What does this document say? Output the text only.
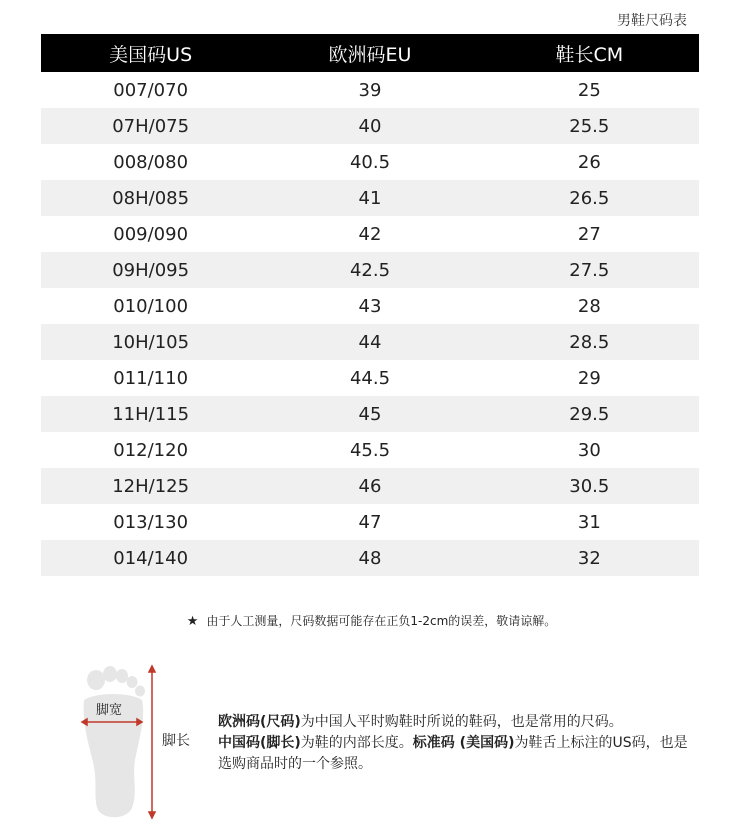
男鞋尺码表
美国码US	欧洲码EU	鞋长CM
007/070	39	25
07H/075	40	25.5
008/080	40.5	26
08H/085	41	26.5
009/090	42	27
09H/095	42.5	27.5
010/100	43	28
10H/105	44	28.5
011/110	44.5	29
11H/115	45	29.5
012/120	45.5	30
12H/125	46	30.5
013/130	47	31
014/140	48	32
★ 由于人工测量，尺码数据可能存在正负1-2cm的误差，敬请谅解。
脚宽
脚长
欧洲码(尺码)为中国人平时购鞋时所说的鞋码，也是常用的尺码。
中国码(脚长)为鞋的内部长度。标准码 (美国码)为鞋舌上标注的US码，也是选购商品时的一个参照。
